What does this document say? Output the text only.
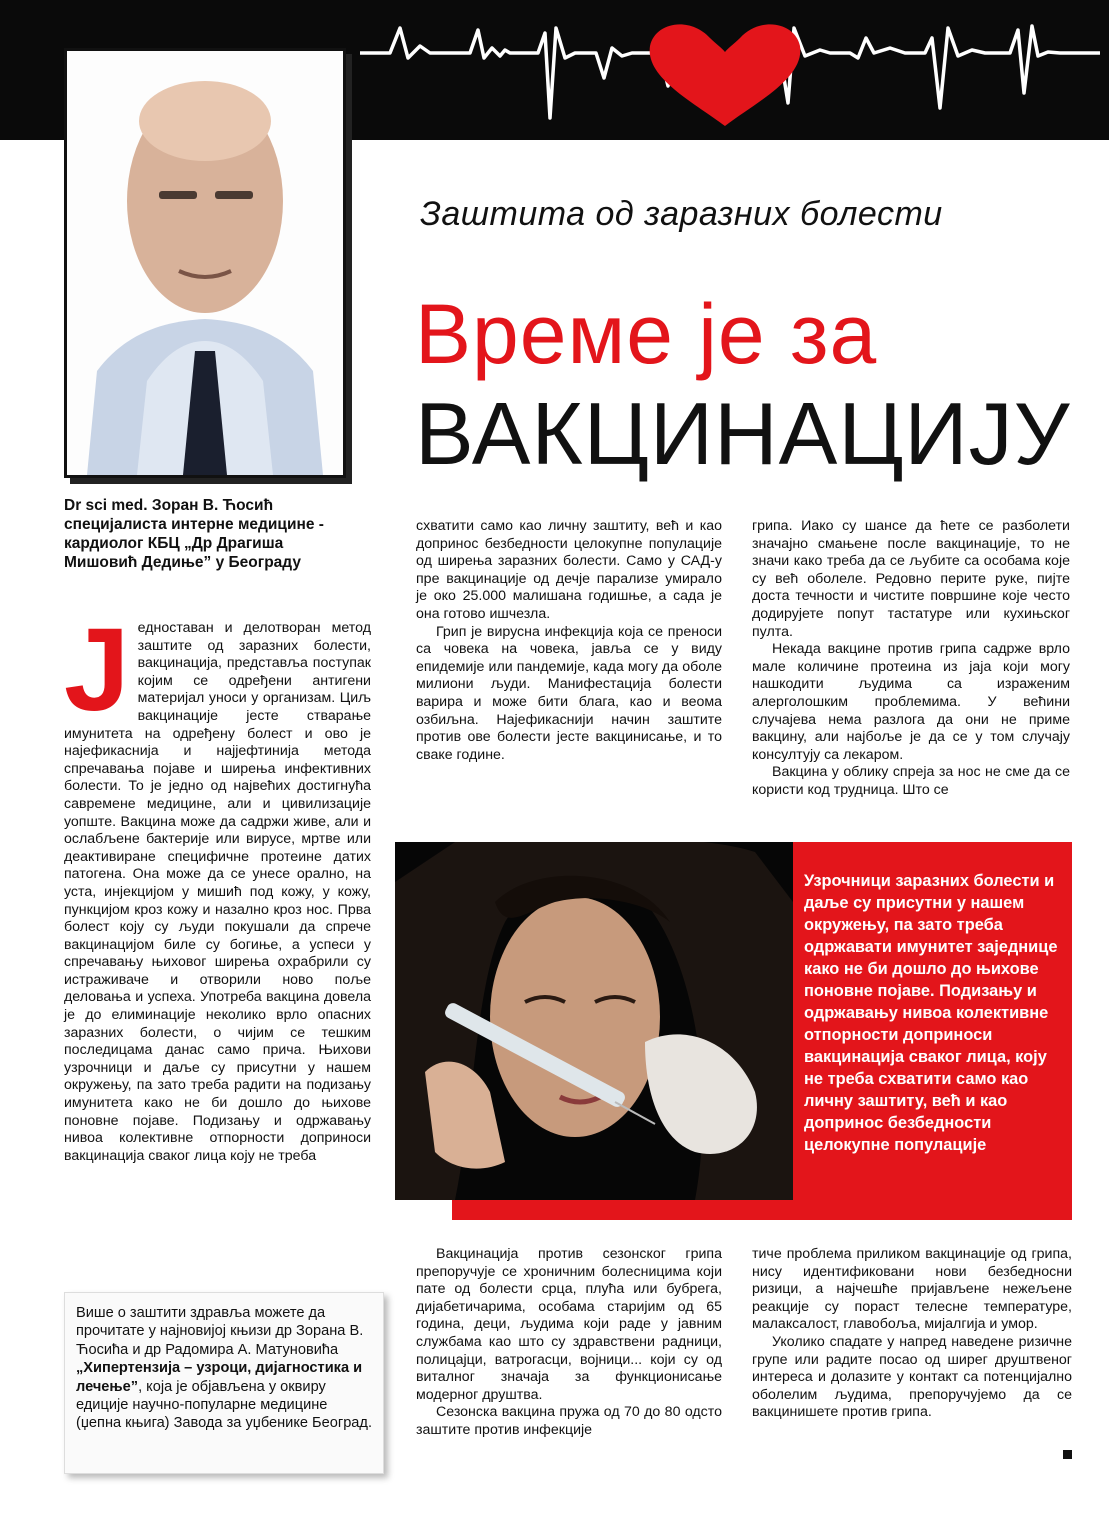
Заштита од заразних болести
Време је за
ВАКЦИНАЦИЈУ
Dr sci med. Зоран В. Ћосић
специјалиста интерне медицине -
кардиолог КБЦ „Др Драгиша
Мишовић Дедиње” у Београду
Ј едноставан и делотворан метод заштите од заразних болести, вакцинација, представља поступак којим се одређени антигени материјал уноси у организам. Циљ вакцинације јесте стварање имунитета на одређену болест и ово је најефикаснија и најјефтинија метода спречавања појаве и ширења инфективних болести. То је једно од највећих достигнућа савремене медицине, али и цивилизације уопште. Вакцина може да садржи живе, али и ослабљене бактерије или вирусе, мртве или деактивиране специфичне протеине датих патогена. Она може да се унесе орално, на уста, инјекцијом у мишић под кожу, у кожу, пункцијом кроз кожу и назално кроз нос. Прва болест коју су људи покушали да спрече вакцинацијом биле су богиње, а успеси у спречавању њиховог ширења охрабрили су истраживаче и отворили ново поље деловања и успеха. Употреба вакцина довела је до елиминације неколико врло опасних заразних болести, о чијим се тешким последицама данас само прича. Њихови узрочници и даље су присутни у нашем окружењу, па зато треба радити на подизању имунитета како не би дошло до њихове поновне појаве. Подизању и одржавању нивоа колективне отпорности доприноси вакцинација сваког лица коју не треба

схватити само као личну заштиту, већ и као допринос безбедности целокупне популације од ширења заразних болести. Само у САД-у пре вакцинације од дечје парализе умирало је око 25.000 малишана годишње, а сада је она готово ишчезла.

Грип је вирусна инфекција која се преноси са човека на човека, јавља се у виду епидемије или пандемије, када могу да оболе милиони људи. Манифестација болести варира и може бити блага, као и веома озбиљна. Најефикаснији начин заштите против ове болести јесте вакцинисање, и то сваке године.

грипа. Иако су шансе да ћете се разболети значајно смањене после вакцинације, то не значи како треба да се љубите са особама које су већ оболеле. Редовно перите руке, пијте доста течности и чистите површине које често додирујете попут тастатуре или кухињског пулта.

Некада вакцине против грипа садрже врло мале количине протеина из јаја који могу нашкодити људима са израженим алерголошким проблемима. У већини случајева нема разлога да они не приме вакцину, али најбоље је да се у том случају консултују са лекаром.

Вакцина у облику спреја за нос не сме да се користи код трудница. Што се

Узрочници заразних болести и даље су присутни у нашем окружењу, па зато треба одржавати имунитет заједнице како не би дошло до њихове поновне појаве. Подизању и одржавању нивоа колективне отпорности доприноси вакцинација сваког лица, коју не треба схватити само као личну заштиту, већ и као допринос безбедности целокупне популације

Вакцинација против сезонског грипа препоручује се хроничним болесницима који пате од болести срца, плућа или бубрега, дијабетичарима, особама старијим од 65 година, деци, људима који раде у јавним службама као што су здравствени радници, полицајци, ватрогасци, војници... који су од виталног значаја за функционисање модерног друштва.

Сезонска вакцина пружа од 70 до 80 одсто заштите против инфекције

тиче проблема приликом вакцинације од грипа, нису идентификовани нови безбедносни ризици, а најчешће пријављене нежељене реакције су пораст телесне температуре, малаксалост, главобоља, мијалгија и умор.

Уколико спадате у напред наведене ризичне групе или радите посао од ширег друштвеног интереса и долазите у контакт са потенцијално оболелим људима, препоручујемо да се вакцинишете против грипа.

Више о заштити здравља можете да прочитате у најновијој књизи др Зорана В. Ћосића и др Радомира А. Матуновића „Хипертензија – узроци, дијагностика и лечење”, која је објављена у оквиру едиције научно-популарне медицине (џепна књига) Завода за уџбенике Београд.
